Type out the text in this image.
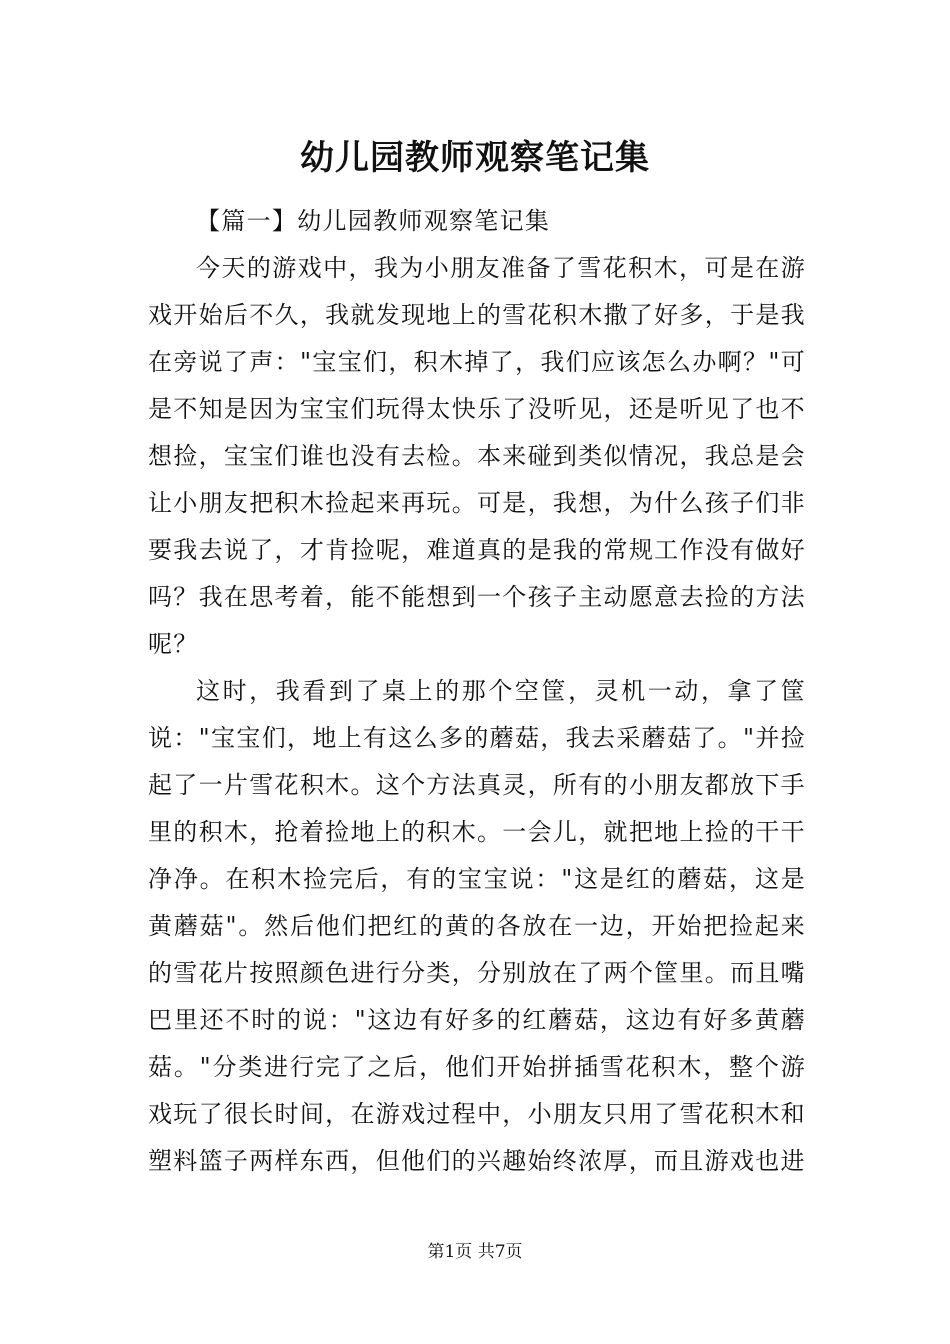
幼儿园教师观察笔记集

【篇一】幼儿园教师观察笔记集

今天的游戏中，我为小朋友准备了雪花积木，可是在游戏开始后不久，我就发现地上的雪花积木撒了好多，于是我在旁说了声："宝宝们，积木掉了，我们应该怎么办啊？"可是不知是因为宝宝们玩得太快乐了没听见，还是听见了也不想捡，宝宝们谁也没有去检。本来碰到类似情况，我总是会让小朋友把积木捡起来再玩。可是，我想，为什么孩子们非要我去说了，才肯捡呢，难道真的是我的常规工作没有做好吗？我在思考着，能不能想到一个孩子主动愿意去捡的方法呢？

这时，我看到了桌上的那个空筐，灵机一动，拿了筐说："宝宝们，地上有这么多的蘑菇，我去采蘑菇了。"并捡起了一片雪花积木。这个方法真灵，所有的小朋友都放下手里的积木，抢着捡地上的积木。一会儿，就把地上捡的干干净净。在积木捡完后，有的宝宝说："这是红的蘑菇，这是黄蘑菇"。然后他们把红的黄的各放在一边，开始把捡起来的雪花片按照颜色进行分类，分别放在了两个筐里。而且嘴巴里还不时的说："这边有好多的红蘑菇，这边有好多黄蘑菇。"分类进行完了之后，他们开始拼插雪花积木，整个游戏玩了很长时间，在游戏过程中，小朋友只用了雪花积木和塑料篮子两样东西，但他们的兴趣始终浓厚，而且游戏也进

第1页 共7页
